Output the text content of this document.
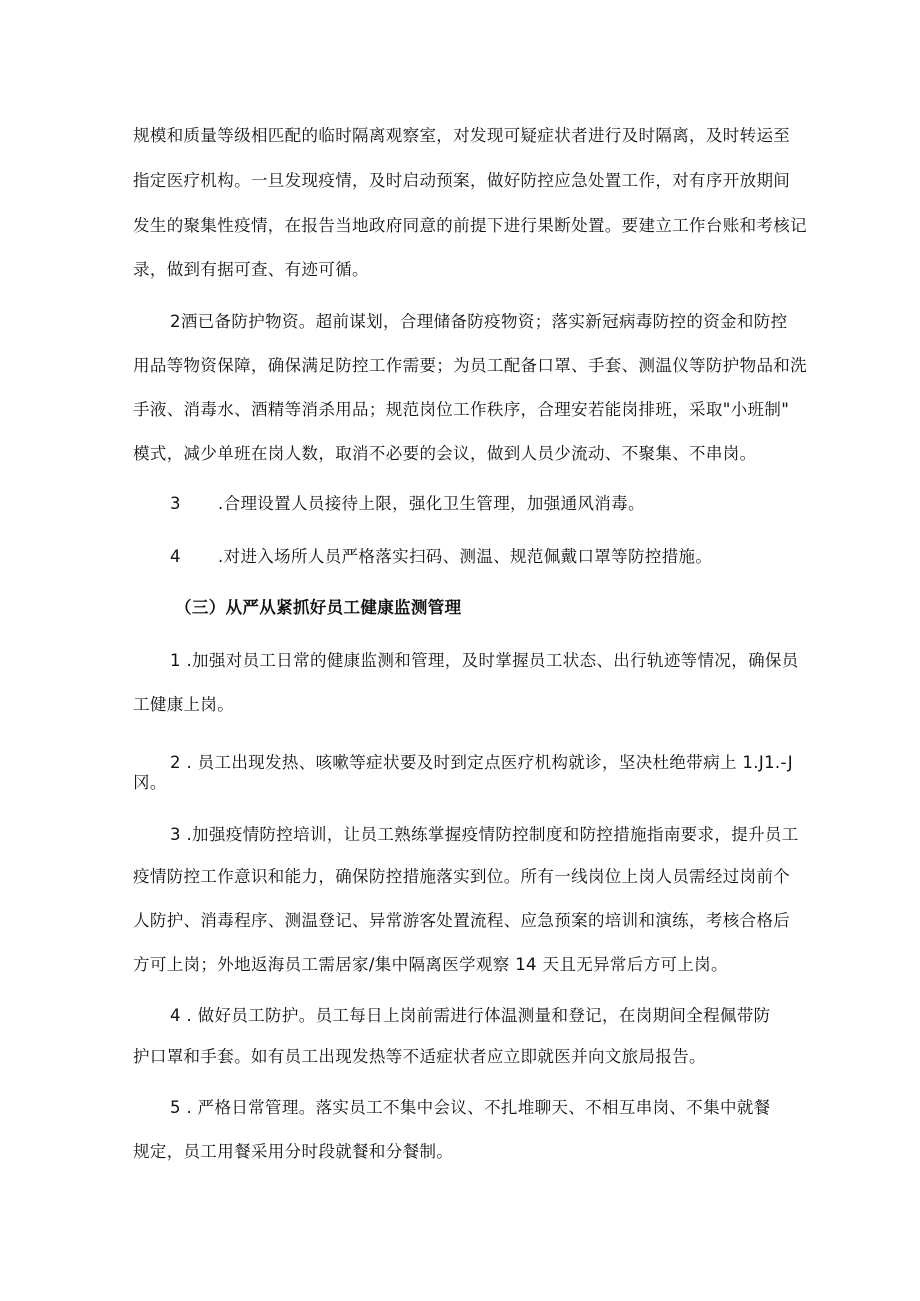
规模和质量等级相匹配的临时隔离观察室，对发现可疑症状者进行及时隔离，及时转运至
指定医疗机构。一旦发现疫情，及时启动预案，做好防控应急处置工作，对有序开放期间
发生的聚集性疫情，在报告当地政府同意的前提下进行果断处置。要建立工作台账和考核记
录，做到有据可查、有迹可循。
2酒已备防护物资。超前谋划，合理储备防疫物资；落实新冠病毒防控的资金和防控
用品等物资保障，确保满足防控工作需要；为员工配备口罩、手套、测温仪等防护物品和洗
手液、消毒水、酒精等消杀用品；规范岗位工作秩序，合理安若能岗排班，采取"小班制"
模式，减少单班在岗人数，取消不必要的会议，做到人员少流动、不聚集、不串岗。
3 .合理设置人员接待上限，强化卫生管理，加强通风消毒。
4 .对进入场所人员严格落实扫码、测温、规范佩戴口罩等防控措施。
（三）从严从紧抓好员工健康监测管理
1 .加强对员工日常的健康监测和管理，及时掌握员工状态、出行轨迹等情况，确保员
工健康上岗。
2 . 员工出现发热、咳嗽等症状要及时到定点医疗机构就诊，坚决杜绝带病上 1.J1.-J
冈。
3 .加强疫情防控培训，让员工熟练掌握疫情防控制度和防控措施指南要求，提升员工
疫情防控工作意识和能力，确保防控措施落实到位。所有一线岗位上岗人员需经过岗前个
人防护、消毒程序、测温登记、异常游客处置流程、应急预案的培训和演练，考核合格后
方可上岗；外地返海员工需居家/集中隔离医学观察 14 天且无异常后方可上岗。
4 . 做好员工防护。员工每日上岗前需进行体温测量和登记，在岗期间全程佩带防
护口罩和手套。如有员工出现发热等不适症状者应立即就医并向文旅局报告。
5 . 严格日常管理。落实员工不集中会议、不扎堆聊天、不相互串岗、不集中就餐
规定，员工用餐采用分时段就餐和分餐制。
